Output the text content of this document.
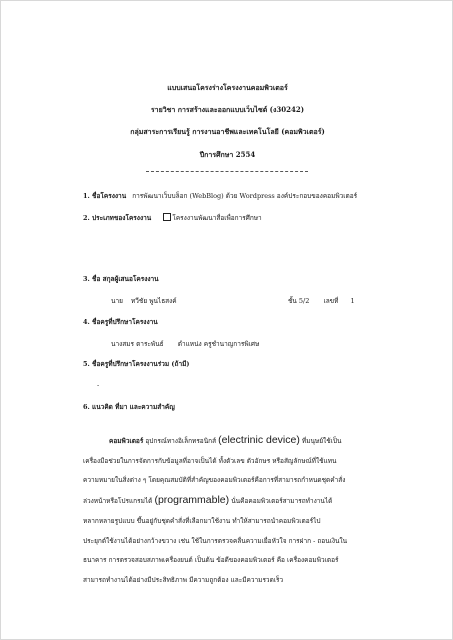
แบบเสนอโครงร่างโครงงานคอมพิวเตอร์
รายวิชา การสร้างและออกแบบเว็บไซต์ (ง30242)
กลุ่มสาระการเรียนรู้ การงานอาชีพและเทคโนโลยี (คอมพิวเตอร์)
ปีการศึกษา 2554
1. ชื่อโครงงาน การพัฒนาเว็บบล็อก (WebBlog) ด้วย Wordpress องค์ประกอบของคอมพิวเตอร์
2. ประเภทของโครงงาน	โครงงานพัฒนาสื่อเพื่อการศึกษา
3. ชื่อ สกุลผู้เสนอโครงงาน
นาย ทวีชัย พูนไธสงค์	ชั้น 5/2 เลขที่ 1
4. ชื่อครูที่ปรึกษาโครงงาน
นางสมร ตาระพันธ์ ตำแหน่ง ครูชำนาญการพิเศษ
5. ชื่อครูที่ปรึกษาโครงงานร่วม (ถ้ามี)
-
6. แนวคิด ที่มา และความสำคัญ
คอมพิวเตอร์ อุปกรณ์ทางอิเล็กทรอนิกส์ (electrinic device) ที่มนุษย์ใช้เป็น
เครื่องมือช่วยในการจัดการกับข้อมูลที่อาจเป็นได้ ทั้งตัวเลข ตัวอักษร หรือสัญลักษณ์ที่ใช้แทน
ความหมายในสิ่งต่าง ๆ โดยคุณสมบัติที่สำคัญของคอมพิวเตอร์คือการที่สามารถกำหนดชุดคำสั่ง
ล่วงหน้าหรือโปรแกรมได้ (programmable) นั่นคือคอมพิวเตอร์สามารถทำงานได้
หลากหลายรูปแบบ ขึ้นอยู่กับชุดคำสั่งที่เลือกมาใช้งาน ทำให้สามารถนำคอมพิวเตอร์ไป
ประยุกต์ใช้งานได้อย่างกว้างขวาง เช่น ใช้ในการตรวจคลื่นความเยื่อหัวใจ การฝาก - ถอนเงินใน
ธนาคาร การตรวจสอบสภาพเครื่องยนต์ เป็นต้น ข้อดีของคอมพิวเตอร์ คือ เครื่องคอมพิวเตอร์
สามารถทำงานได้อย่างมีประสิทธิภาพ มีความถูกต้อง และมีความรวดเร็ว
